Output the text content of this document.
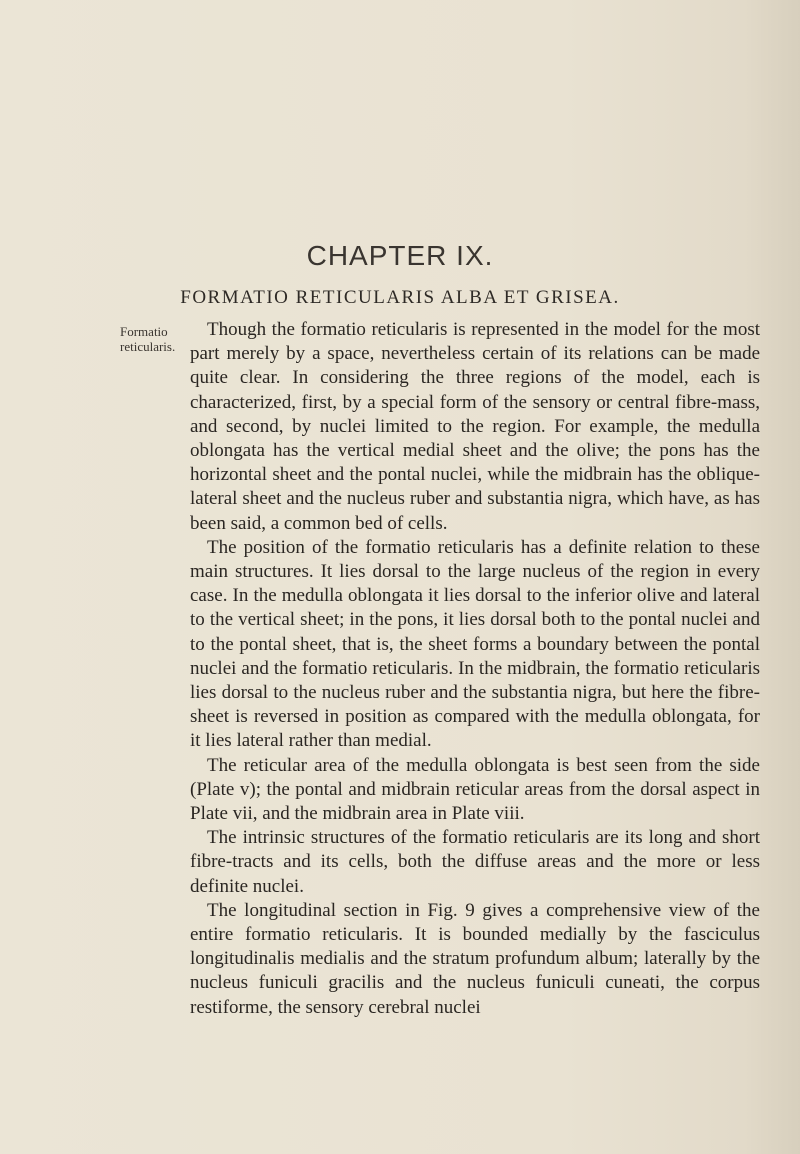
CHAPTER IX.
FORMATIO RETICULARIS ALBA ET GRISEA.
Formatio
reticularis.

Though the formatio reticularis is represented in the model for the most part merely by a space, nevertheless certain of its relations can be made quite clear. In considering the three regions of the model, each is characterized, first, by a special form of the sensory or central fibre-mass, and second, by nuclei limited to the region. For example, the medulla oblongata has the vertical medial sheet and the olive; the pons has the horizontal sheet and the pontal nuclei, while the midbrain has the oblique-lateral sheet and the nucleus ruber and substantia nigra, which have, as has been said, a common bed of cells.

The position of the formatio reticularis has a definite relation to these main structures. It lies dorsal to the large nucleus of the region in every case. In the medulla oblongata it lies dorsal to the inferior olive and lateral to the vertical sheet; in the pons, it lies dorsal both to the pontal nuclei and to the pontal sheet, that is, the sheet forms a boundary between the pontal nuclei and the formatio reticularis. In the midbrain, the formatio reticularis lies dorsal to the nucleus ruber and the substantia nigra, but here the fibre-sheet is reversed in position as compared with the medulla oblongata, for it lies lateral rather than medial.

The reticular area of the medulla oblongata is best seen from the side (Plate v); the pontal and midbrain reticular areas from the dorsal aspect in Plate vii, and the midbrain area in Plate viii.

The intrinsic structures of the formatio reticularis are its long and short fibre-tracts and its cells, both the diffuse areas and the more or less definite nuclei.

The longitudinal section in Fig. 9 gives a comprehensive view of the entire formatio reticularis. It is bounded medially by the fasciculus longitudinalis medialis and the stratum profundum album; laterally by the nucleus funiculi gracilis and the nucleus funiculi cuneati, the corpus restiforme, the sensory cerebral nuclei
